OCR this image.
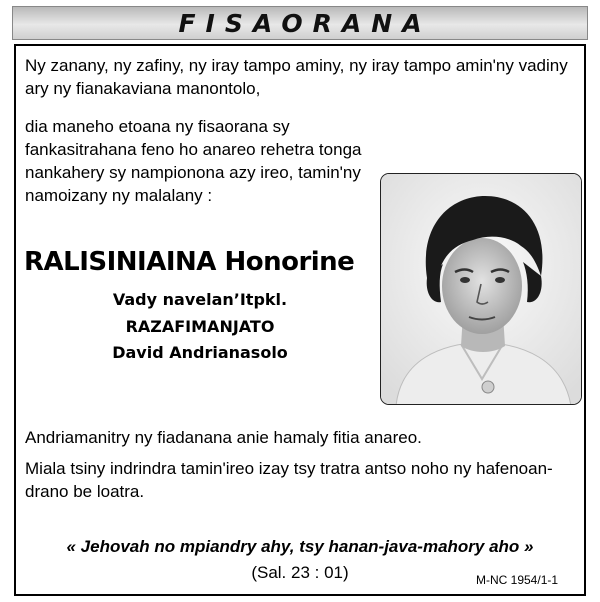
FISAORANA

Ny zanany, ny zafiny, ny iray tampo aminy, ny iray tampo amin'ny vadiny ary ny fianakaviana manontolo,

dia maneho etoana ny fisaorana sy fankasitrahana feno ho anareo rehetra tonga nankahery sy nampionona azy ireo, tamin'ny namoizany ny malalany :

RALISINIAINA Honorine
Vady navelan’Itpkl.
RAZAFIMANJATO
David Andrianasolo

Andriamanitry ny fiadanana anie hamaly fitia anareo.

Miala tsiny indrindra tamin'ireo izay tsy tratra antso noho ny hafenoan-drano be loatra.

« Jehovah no mpiandry ahy, tsy hanan-java-mahory aho »
(Sal. 23 : 01)	M-NC 1954/1-1
